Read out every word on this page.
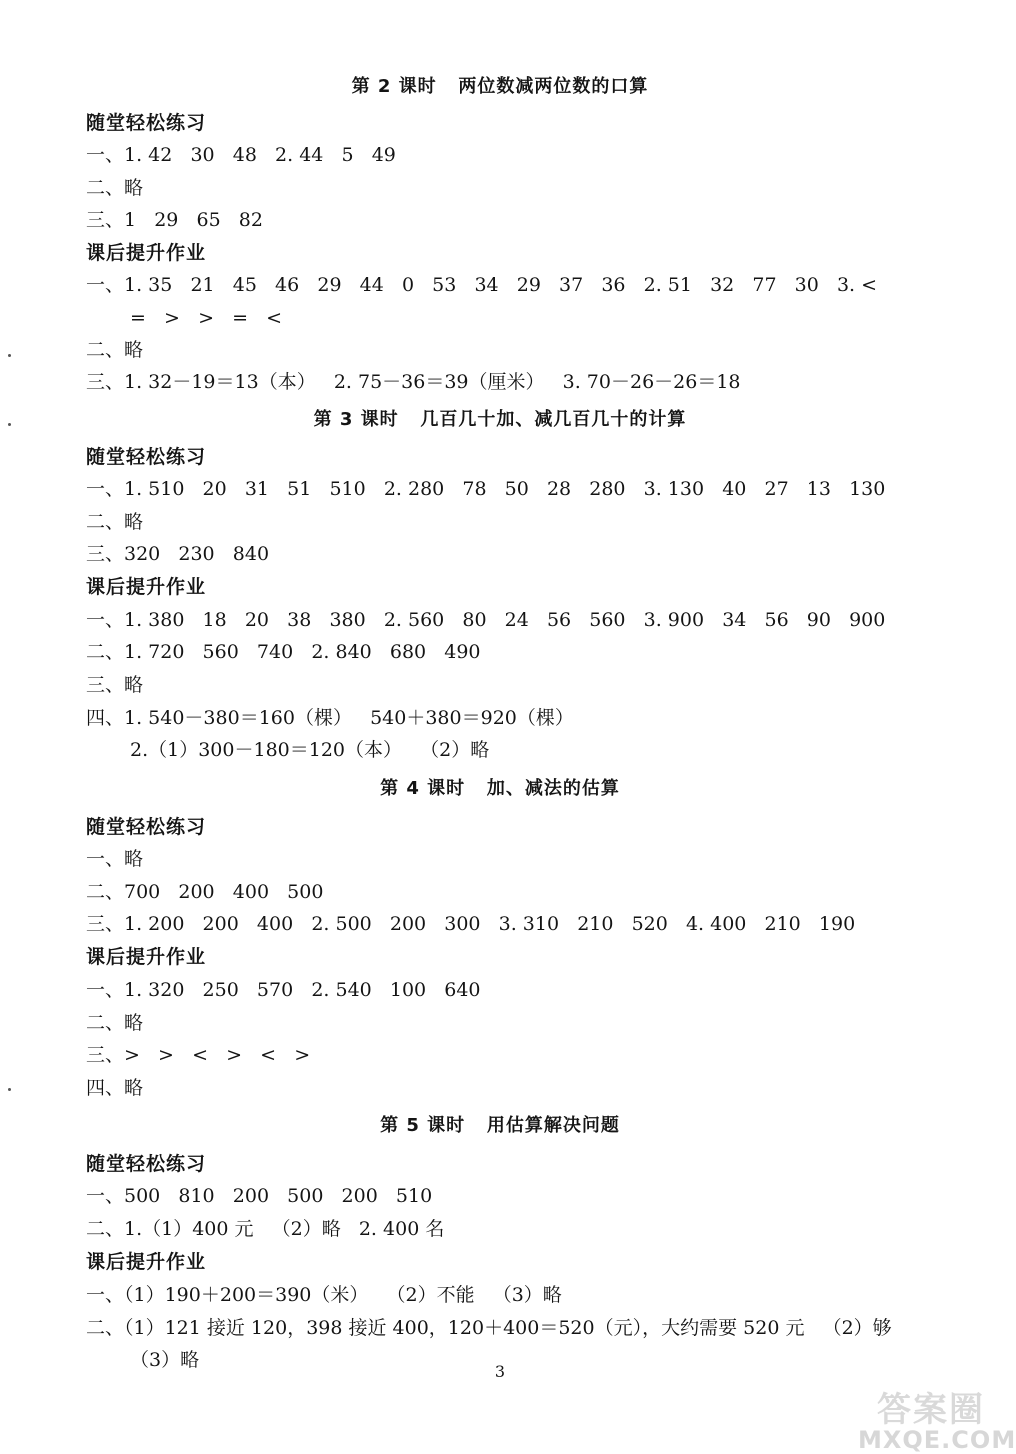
第 2 课时   两位数减两位数的口算
随堂轻松练习
一、1. 42   30   48   2. 44   5   49
二、略
三、1   29   65   82
课后提升作业
一、1. 35   21   45   46   29   44   0   53   34   29   37   36   2. 51   32   77   30   3. <
=   >   >   =   <
二、略
三、1. 32－19＝13（本）   2. 75－36＝39（厘米）   3. 70－26－26＝18
第 3 课时   几百几十加、减几百几十的计算
随堂轻松练习
一、1. 510   20   31   51   510   2. 280   78   50   28   280   3. 130   40   27   13   130
二、略
三、320   230   840
课后提升作业
一、1. 380   18   20   38   380   2. 560   80   24   56   560   3. 900   34   56   90   900
二、1. 720   560   740   2. 840   680   490
三、略
四、1. 540－380＝160（棵）   540＋380＝920（棵）
2.（1）300－180＝120（本）   （2）略
第 4 课时   加、减法的估算
随堂轻松练习
一、略
二、700   200   400   500
三、1. 200   200   400   2. 500   200   300   3. 310   210   520   4. 400   210   190
课后提升作业
一、1. 320   250   570   2. 540   100   640
二、略
三、>   >   <   >   <   >
四、略
第 5 课时   用估算解决问题
随堂轻松练习
一、500   810   200   500   200   510
二、1.（1）400 元   （2）略   2. 400 名
课后提升作业
一、（1）190＋200＝390（米）   （2）不能   （3）略
二、（1）121 接近 120，398 接近 400，120＋400＝520（元），大约需要 520 元   （2）够
（3）略
3
答案圈
MXQE.COM
